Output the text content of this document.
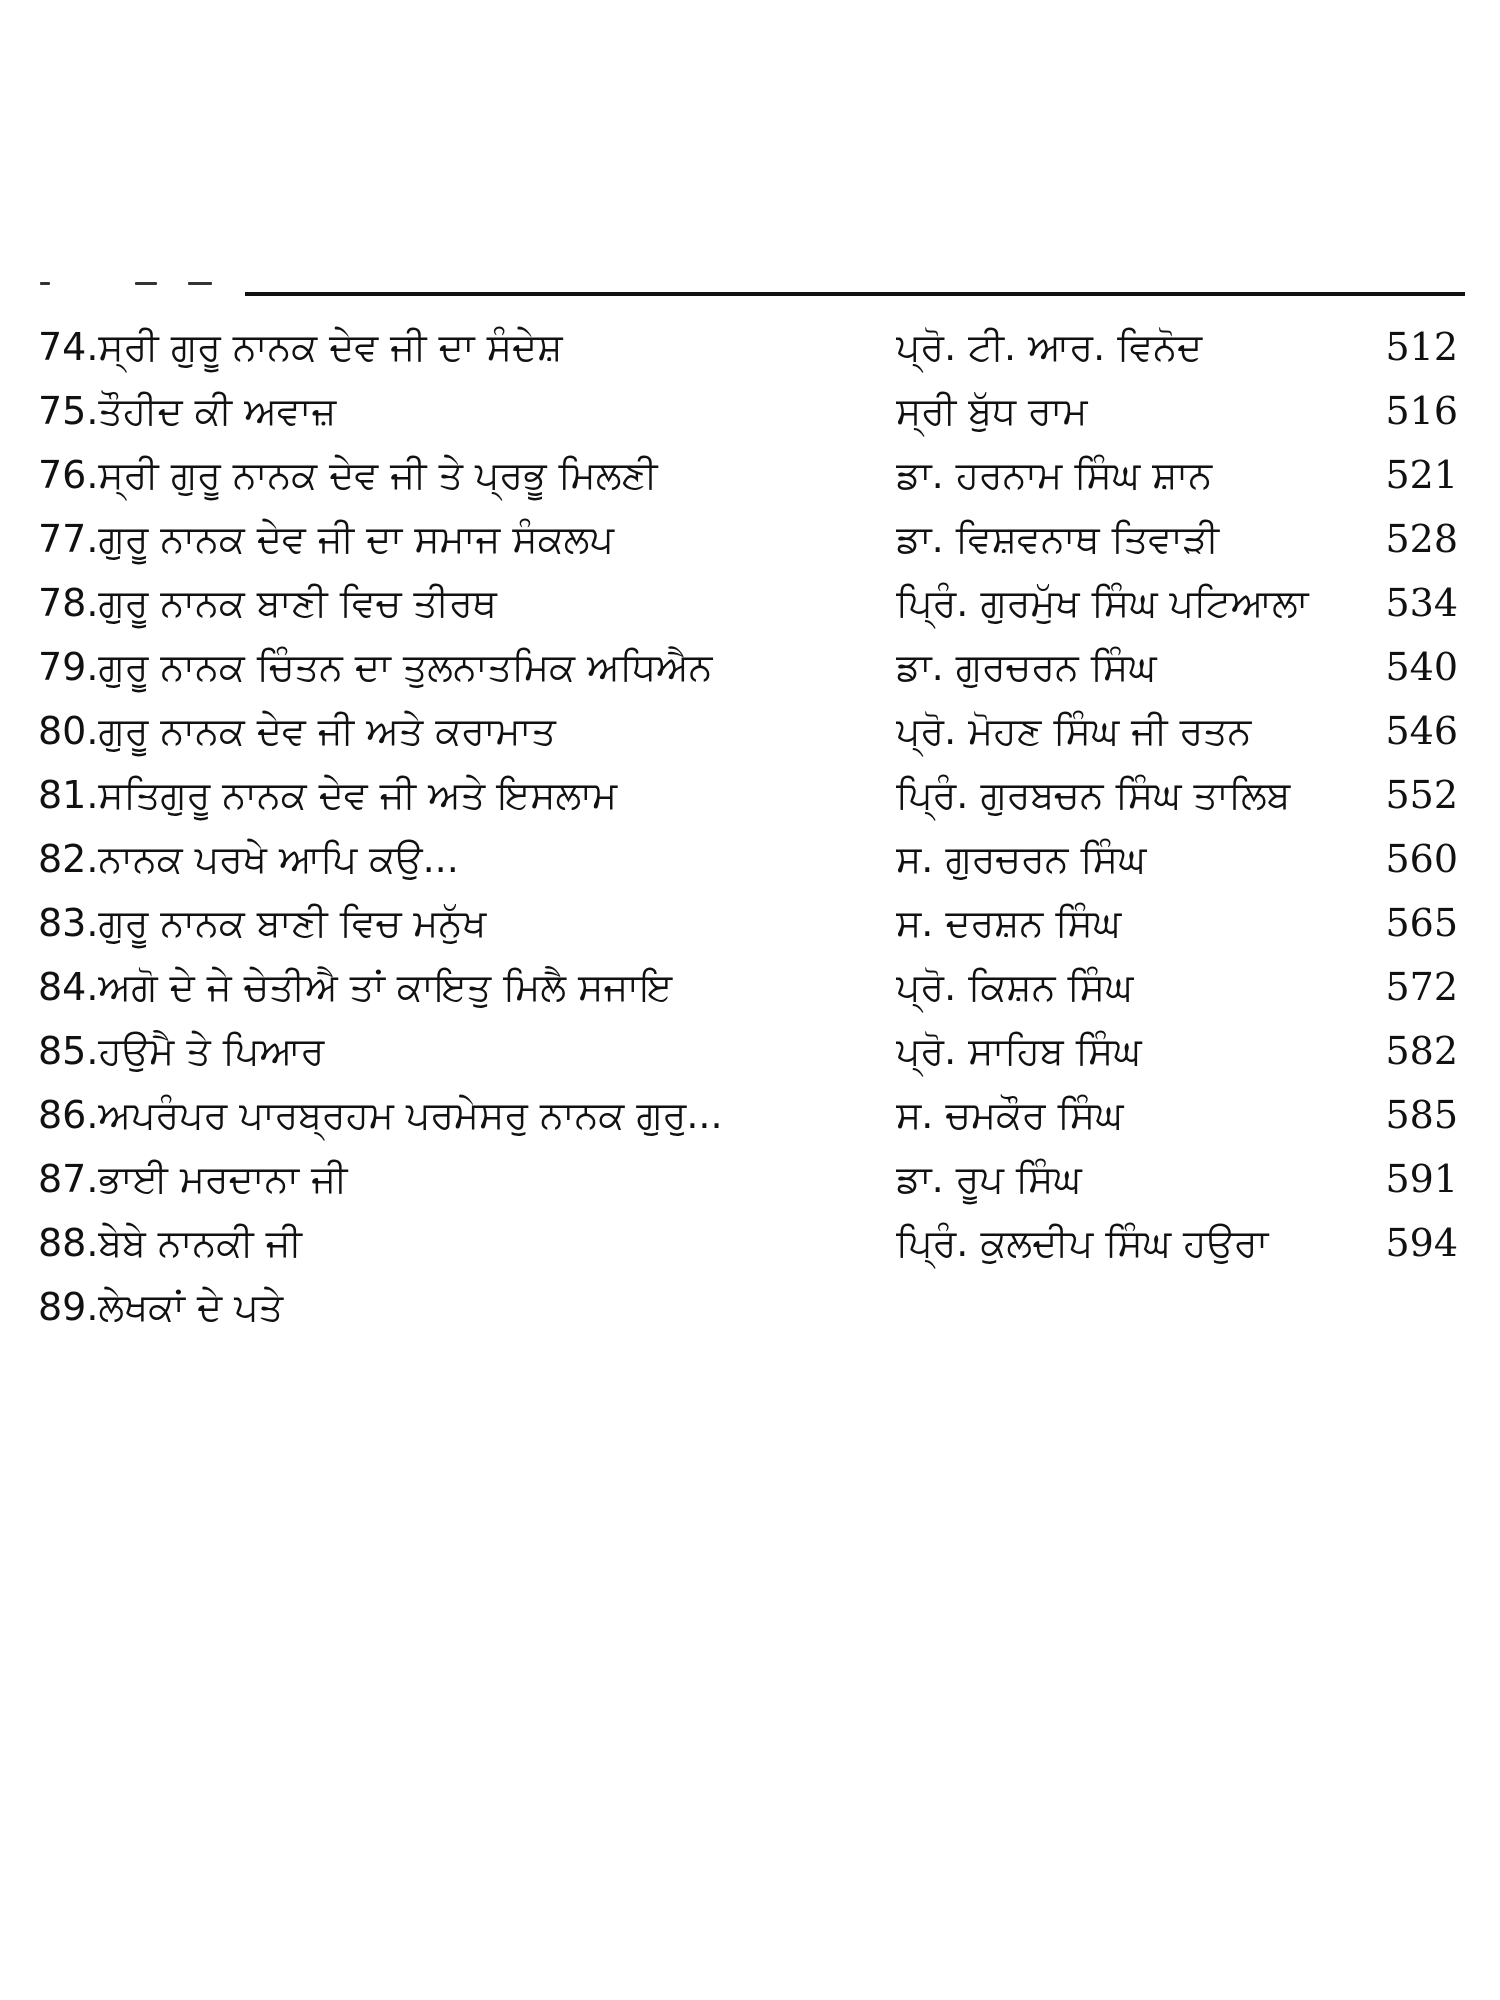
74.ਸ੍ਰੀ ਗੁਰੂ ਨਾਨਕ ਦੇਵ ਜੀ ਦਾ ਸੰਦੇਸ਼	ਪ੍ਰੋ. ਟੀ. ਆਰ. ਵਿਨੋਦ	512
75.ਤੌਹੀਦ ਕੀ ਅਵਾਜ਼	ਸ੍ਰੀ ਬੁੱਧ ਰਾਮ	516
76.ਸ੍ਰੀ ਗੁਰੂ ਨਾਨਕ ਦੇਵ ਜੀ ਤੇ ਪ੍ਰਭੂ ਮਿਲਣੀ	ਡਾ. ਹਰਨਾਮ ਸਿੰਘ ਸ਼ਾਨ	521
77.ਗੁਰੂ ਨਾਨਕ ਦੇਵ ਜੀ ਦਾ ਸਮਾਜ ਸੰਕਲਪ	ਡਾ. ਵਿਸ਼ਵਨਾਥ ਤਿਵਾੜੀ	528
78.ਗੁਰੂ ਨਾਨਕ ਬਾਣੀ ਵਿਚ ਤੀਰਥ	ਪ੍ਰਿੰ. ਗੁਰਮੁੱਖ ਸਿੰਘ ਪਟਿਆਲਾ	534
79.ਗੁਰੂ ਨਾਨਕ ਚਿੰਤਨ ਦਾ ਤੁਲਨਾਤਮਿਕ ਅਧਿਐਨ	ਡਾ. ਗੁਰਚਰਨ ਸਿੰਘ	540
80.ਗੁਰੂ ਨਾਨਕ ਦੇਵ ਜੀ ਅਤੇ ਕਰਾਮਾਤ	ਪ੍ਰੋ. ਮੋਹਣ ਸਿੰਘ ਜੀ ਰਤਨ	546
81.ਸਤਿਗੁਰੂ ਨਾਨਕ ਦੇਵ ਜੀ ਅਤੇ ਇਸਲਾਮ	ਪ੍ਰਿੰ. ਗੁਰਬਚਨ ਸਿੰਘ ਤਾਲਿਬ	552
82.ਨਾਨਕ ਪਰਖੇ ਆਪਿ ਕਉ...	ਸ. ਗੁਰਚਰਨ ਸਿੰਘ	560
83.ਗੁਰੂ ਨਾਨਕ ਬਾਣੀ ਵਿਚ ਮਨੁੱਖ	ਸ. ਦਰਸ਼ਨ ਸਿੰਘ	565
84.ਅਗੋ ਦੇ ਜੇ ਚੇਤੀਐ ਤਾਂ ਕਾਇਤੁ ਮਿਲੈ ਸਜਾਇ	ਪ੍ਰੋ. ਕਿਸ਼ਨ ਸਿੰਘ	572
85.ਹਉਮੈ ਤੇ ਪਿਆਰ	ਪ੍ਰੋ. ਸਾਹਿਬ ਸਿੰਘ	582
86.ਅਪਰੰਪਰ ਪਾਰਬ੍ਰਹਮ ਪਰਮੇਸਰੁ ਨਾਨਕ ਗੁਰੁ...	ਸ. ਚਮਕੌਰ ਸਿੰਘ	585
87.ਭਾਈ ਮਰਦਾਨਾ ਜੀ	ਡਾ. ਰੂਪ ਸਿੰਘ	591
88.ਬੇਬੇ ਨਾਨਕੀ ਜੀ	ਪ੍ਰਿੰ. ਕੁਲਦੀਪ ਸਿੰਘ ਹਉਰਾ	594
89.ਲੇਖਕਾਂ ਦੇ ਪਤੇ
